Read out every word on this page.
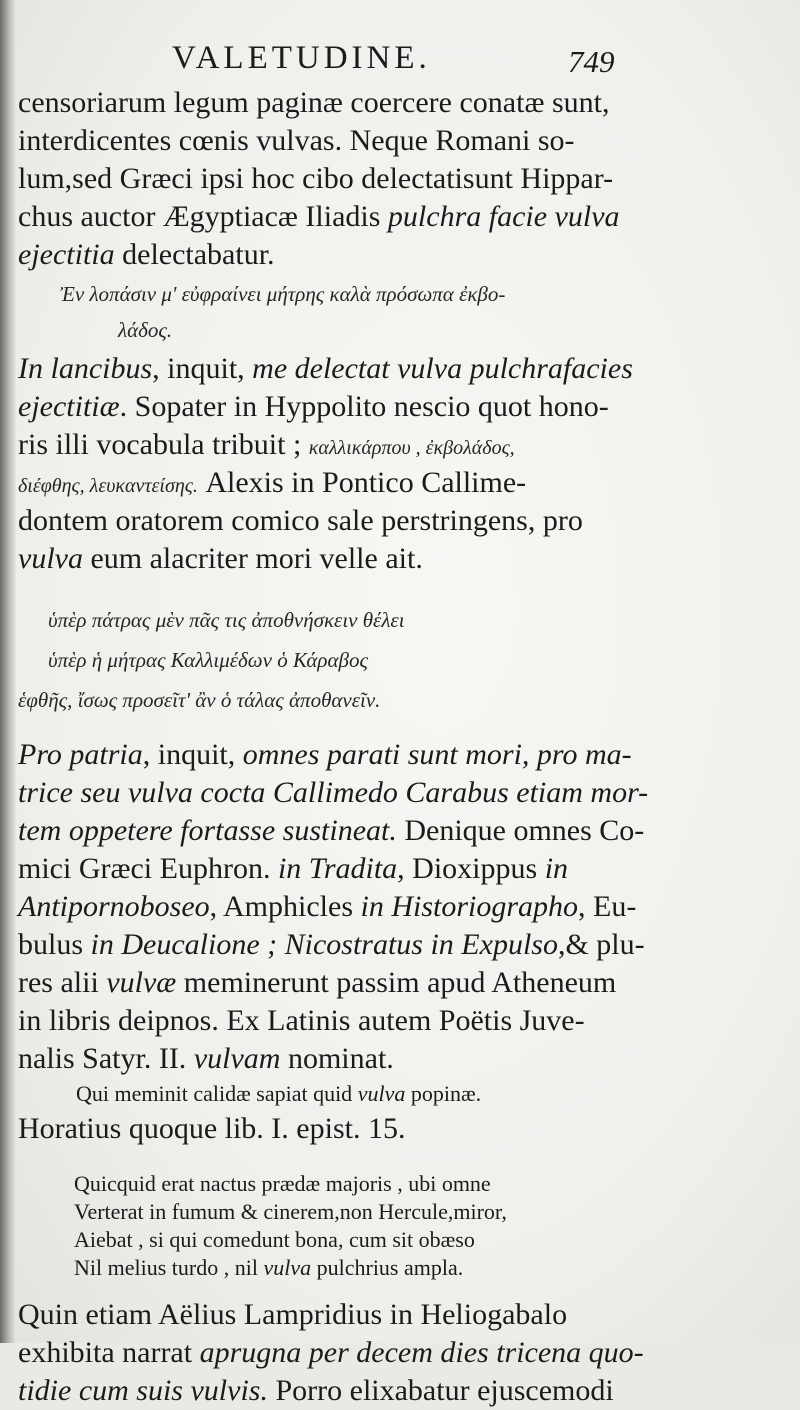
VALETUDINE.	749
censoriarum legum paginæ coercere conatæ sunt,
interdicentes cœnis vulvas. Neque Romani so-
lum,sed Græci ipsi hoc cibo delectatisunt Hippar-
chus auctor Ægyptiacæ Iliadis pulchra facie vulva
ejectitia delectabatur.
Ἐν λοπάσιν μ' εὐφραίνει μήτρης καλὰ πρόσωπα ἐκβο-
λάδος.
In lancibus, inquit, me delectat vulva pulchrafacies
ejectitiæ. Sopater in Hyppolito nescio quot hono-
ris illi vocabula tribuit ; καλλικάρπου , ἐκβολάδος,
διέφθης, λευκαντείσης. Alexis in Pontico Callime-
dontem oratorem comico sale perstringens, pro
vulva eum alacriter mori velle ait.
ὑπὲρ πάτρας μὲν πᾶς τις ἀποθνήσκειν θέλει
ὑπὲρ ἡ μήτρας Καλλιμέδων ὁ Κάραβος
ἑφθῆς, ἴσως προσεῖτ' ἂν ὁ τάλας ἀποθανεῖν.
Pro patria, inquit, omnes parati sunt mori, pro ma-
trice seu vulva cocta Callimedo Carabus etiam mor-
tem oppetere fortasse sustineat. Denique omnes Co-
mici Græci Euphron. in Tradita, Dioxippus in
Antipornoboseo, Amphicles in Historiographo, Eu-
bulus in Deucalione ; Nicostratus in Expulso,& plu-
res alii vulvæ meminerunt passim apud Atheneum
in libris deipnos. Ex Latinis autem Poëtis Juve-
nalis Satyr. II. vulvam nominat.
Qui meminit calidæ sapiat quid vulva popinæ.
Horatius quoque lib. I. epist. 15.
Quicquid erat nactus prædæ majoris , ubi omne
Verterat in fumum & cinerem,non Hercule,miror,
Aiebat , si qui comedunt bona, cum sit obæso
Nil melius turdo , nil vulva pulchrius ampla.
Quin etiam Aëlius Lampridius in Heliogabalo
exhibita narrat aprugna per decem dies tricena quo-
tidie cum suis vulvis. Porro elixabatur ejuscemodi
